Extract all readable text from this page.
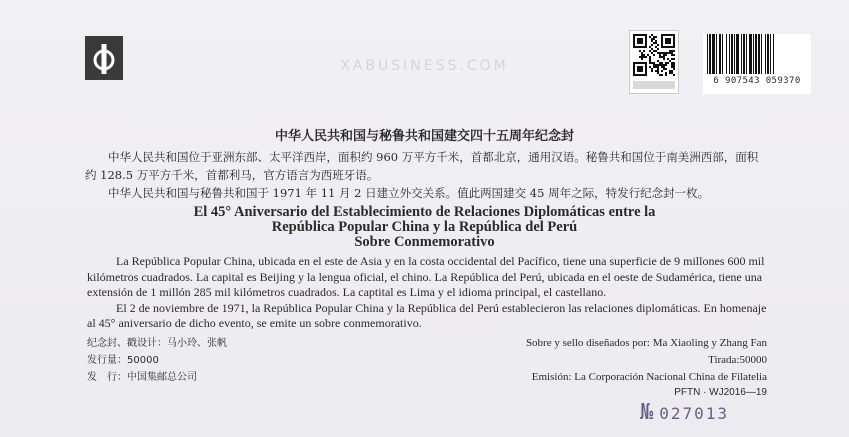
6 907543 059370
XABUSINESS.COM
中华人民共和国与秘鲁共和国建交四十五周年纪念封

中华人民共和国位于亚洲东部、太平洋西岸，面积约 960 万平方千米，首都北京，通用汉语。秘鲁共和国位于南美洲西部，面积约 128.5 万平方千米，首都利马，官方语言为西班牙语。

中华人民共和国与秘鲁共和国于 1971 年 11 月 2 日建立外交关系。值此两国建交 45 周年之际，特发行纪念封一枚。

El 45° Aniversario del Establecimiento de Relaciones Diplomáticas entre la
República Popular China y la República del Perú
Sobre Conmemorativo

La República Popular China, ubicada en el este de Asia y en la costa occidental del Pacífico, tiene una superficie de 9 millones 600 mil kilómetros cuadrados. La capital es Beijing y la lengua oficial, el chino. La República del Perú, ubicada en el oeste de Sudamérica, tiene una extensión de 1 millón 285 mil kilómetros cuadrados. La captital es Lima y el idioma principal, el castellano.

El 2 de noviembre de 1971, la República Popular China y la República del Perú establecieron las relaciones diplomáticas. En homenaje al 45° aniversario de dicho evento, se emite un sobre conmemorativo.

纪念封、戳设计：马小玲、张帆
发行量：50000
发　行：中国集邮总公司
Sobre y sello diseñados por: Ma Xiaoling y Zhang Fan
Tirada:50000
Emisión: La Corporación Nacional China de Filatelia
PFTN · WJ2016—19
№ 027013
